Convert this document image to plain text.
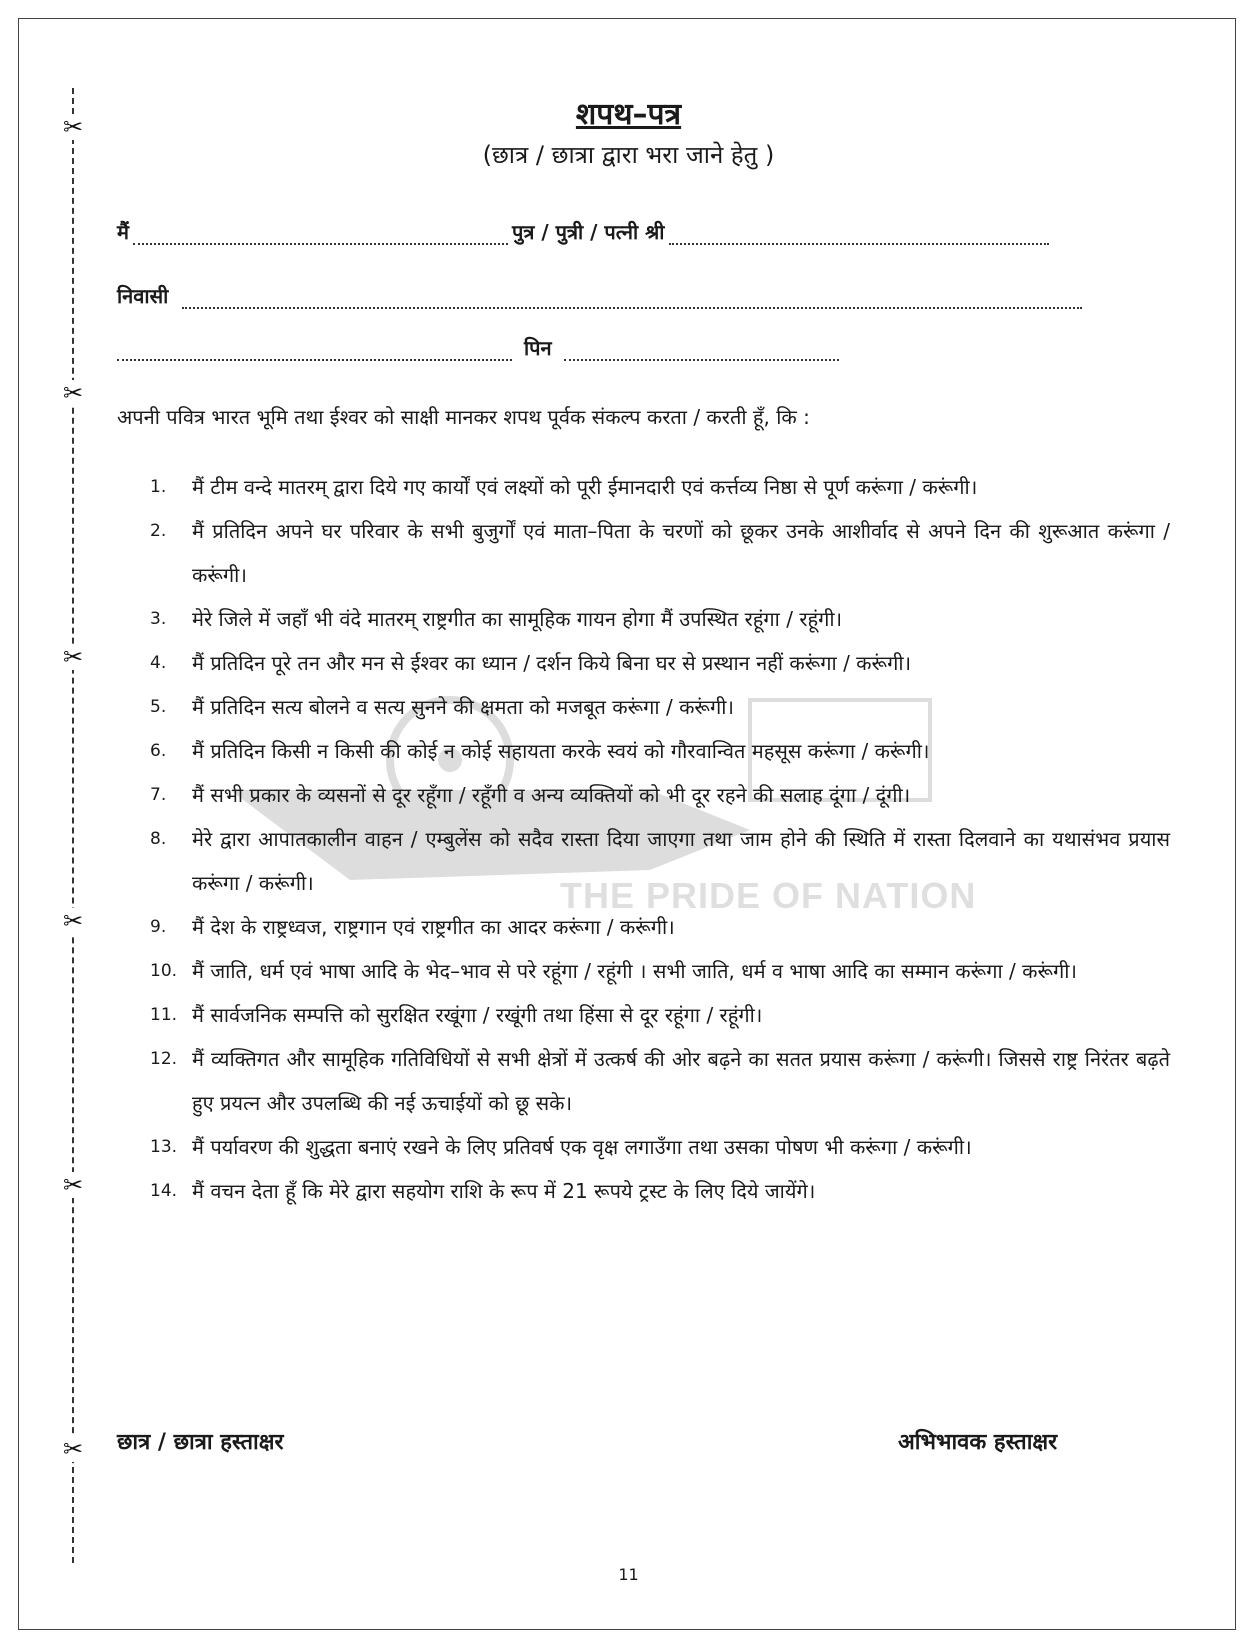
✂
✂
✂
✂
✂
✂
THE PRIDE OF NATION
शपथ–पत्र
(छात्र / छात्रा द्वारा भरा जाने हेतु )
मैं	पुत्र / पुत्री / पत्नी श्री
निवासी
पिन
अपनी पवित्र भारत भूमि तथा ईश्वर को साक्षी मानकर शपथ पूर्वक संकल्प करता / करती हूँ, कि :
1.	मैं टीम वन्दे मातरम् द्वारा दिये गए कार्यों एवं लक्ष्यों को पूरी ईमानदारी एवं कर्त्तव्य निष्ठा से पूर्ण करूंगा / करूंगी।
2.	मैं प्रतिदिन अपने घर परिवार के सभी बुजुर्गों एवं माता–पिता के चरणों को छूकर उनके आशीर्वाद से अपने दिन की शुरूआत करूंगा / करूंगी।
3.	मेरे जिले में जहाँ भी वंदे मातरम् राष्ट्रगीत का सामूहिक गायन होगा मैं उपस्थित रहूंगा / रहूंगी।
4.	मैं प्रतिदिन पूरे तन और मन से ईश्वर का ध्यान / दर्शन किये बिना घर से प्रस्थान नहीं करूंगा / करूंगी।
5.	मैं प्रतिदिन सत्य बोलने व सत्य सुनने की क्षमता को मजबूत करूंगा / करूंगी।
6.	मैं प्रतिदिन किसी न किसी की कोई न कोई सहायता करके स्वयं को गौरवान्वित महसूस करूंगा / करूंगी।
7.	मैं सभी प्रकार के व्यसनों से दूर रहूँगा / रहूँगी व अन्य व्यक्तियों को भी दूर रहने की सलाह दूंगा / दूंगी।
8.	मेरे द्वारा आपातकालीन वाहन / एम्बुलेंस को सदैव रास्ता दिया जाएगा तथा जाम होने की स्थिति में रास्ता दिलवाने का यथासंभव प्रयास करूंगा / करूंगी।
9.	मैं देश के राष्ट्रध्वज, राष्ट्रगान एवं राष्ट्रगीत का आदर करूंगा / करूंगी।
10. मैं जाति, धर्म एवं भाषा आदि के भेद–भाव से परे रहूंगा / रहूंगी । सभी जाति, धर्म व भाषा आदि का सम्मान करूंगा / करूंगी।
11. मैं सार्वजनिक सम्पत्ति को सुरक्षित रखूंगा / रखूंगी तथा हिंसा से दूर रहूंगा / रहूंगी।
12. मैं व्यक्तिगत और सामूहिक गतिविधियों से सभी क्षेत्रों में उत्कर्ष की ओर बढ़ने का सतत प्रयास करूंगा / करूंगी। जिससे राष्ट्र निरंतर बढ़ते हुए प्रयत्न और उपलब्धि की नई ऊचाईयों को छू सके।
13. मैं पर्यावरण की शुद्धता बनाएं रखने के लिए प्रतिवर्ष एक वृक्ष लगाउँगा तथा उसका पोषण भी करूंगा / करूंगी।
14. मैं वचन देता हूँ कि मेरे द्वारा सहयोग राशि के रूप में 21 रूपये ट्रस्ट के लिए दिये जायेंगे।
छात्र / छात्रा हस्ताक्षर	अभिभावक हस्ताक्षर
11
